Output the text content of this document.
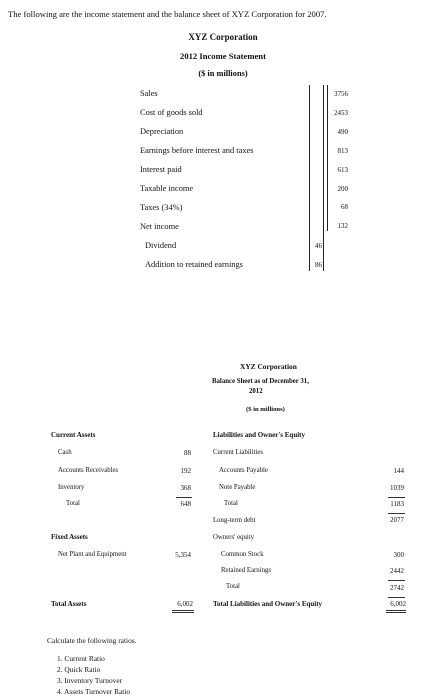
The following are the income statement and the balance sheet of XYZ Corporation for 2007.
XYZ Corporation
2012 Income Statement
($ in millions)
Sales	3756
Cost of goods sold	2453
Depreciation	490
Earnings before interest and taxes	813
Interest paid	613
Taxable income	200
Taxes (34%)	68
Net income	132
Dividend	46
Addition to retained earnings	86
XYZ Corporation
Balance Sheet as of December 31,
2012
($ in millions)
Current Assets
Cash	88
Accounts Receivables	192
Inventory	368
Total	648
Fixed Assets
Net Plant and Equipment	5,354
Total Assets	6,002
Liabilities and Owner's Equity
Current Liabilities
Accounts Payable	144
Note Payable	1039
Total	1183
Long-term debt	2077
Owners' equity
Common Stock	300
Retained Earnings	2442
Total	2742
Total Liabilities and Owner's Equity	6,002
Calculate the following ratios.
1. Current Ratio
2. Quick Ratio
3. Inventory Turnover
4. Assets Turnover Ratio
